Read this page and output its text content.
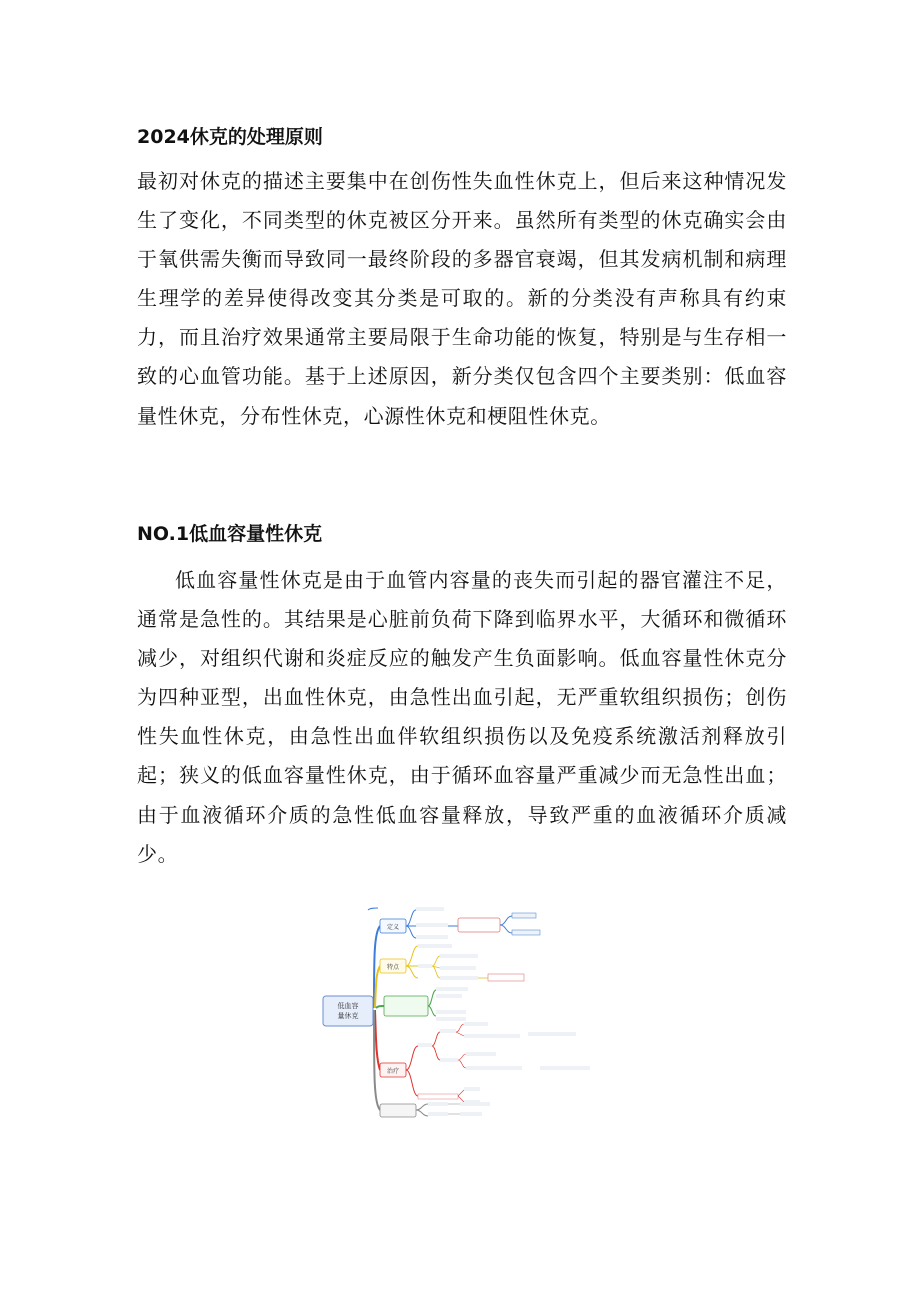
2024休克的处理原则
最初对休克的描述主要集中在创伤性失血性休克上，但后来这种情况发生了变化，不同类型的休克被区分开来。虽然所有类型的休克确实会由于氧供需失衡而导致同一最终阶段的多器官衰竭，但其发病机制和病理生理学的差异使得改变其分类是可取的。新的分类没有声称具有约束力，而且治疗效果通常主要局限于生命功能的恢复，特别是与生存相一致的心血管功能。基于上述原因，新分类仅包含四个主要类别：低血容量性休克，分布性休克，心源性休克和梗阻性休克。
NO.1低血容量性休克
低血容量性休克是由于血管内容量的丧失而引起的器官灌注不足，通常是急性的。其结果是心脏前负荷下降到临界水平，大循环和微循环减少，对组织代谢和炎症反应的触发产生负面影响。低血容量性休克分为四种亚型，出血性休克，由急性出血引起，无严重软组织损伤；创伤性失血性休克，由急性出血伴软组织损伤以及免疫系统激活剂释放引起；狭义的低血容量性休克，由于循环血容量严重减少而无急性出血；由于血液循环介质的急性低血容量释放，导致严重的血液循环介质减少。
低血容
量休克
定义
特点
治疗
